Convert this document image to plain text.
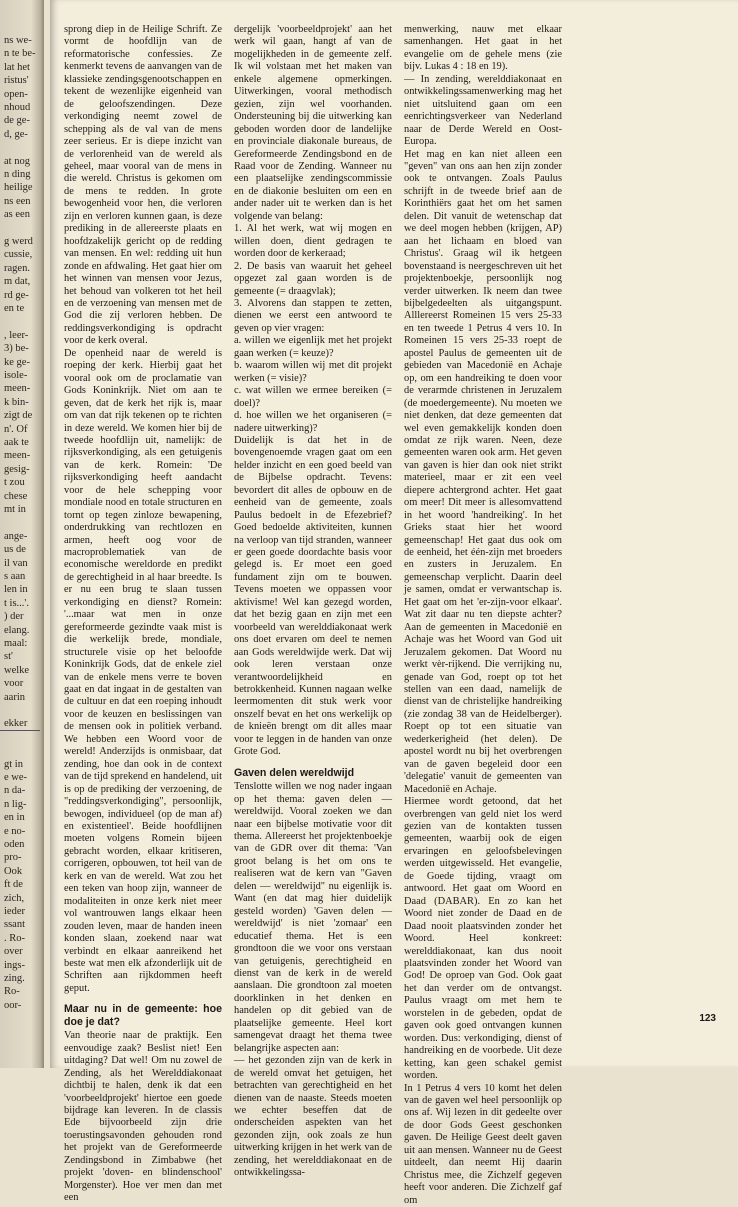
ns we-
n te be-
lat het
ristus'
open-
nhoud
de ge-
d, ge-
at nog
n ding
heilige
ns een
as een
g werd
cussie,
ragen.
m dat,
rd ge-
en te
, leer-
3) be-
ke ge-
isole-
meen-
k bin-
zigt de
n'. Of
aak te
meen-
gesig-
t zou
chese
mt in
ange-
us de
il van
s aan
len in
t is...'.
) der
elang.
maal:
st'
welke
voor
aarin
ekker
gt in
e we-
n da-
n lig-
en in
e no-
oden
pro-
Ook
ft de
zich,
ieder
ssant
. Ro-
over
ings-
zing.
Ro-
oor-

sprong diep in de Heilige Schrift. Ze vormt de hoofdlijn van de reformatorische confessies. Ze kenmerkt tevens de aanvangen van de klassieke zendingsgenootschappen en tekent de wezenlijke eigenheid van de geloofszendingen. Deze verkondiging neemt zowel de schepping als de val van de mens zeer serieus. Er is diepe inzicht van de verlorenheid van de wereld als geheel, maar vooral van de mens in die wereld. Christus is gekomen om de mens te redden. In grote bewogenheid voor hen, die verloren zijn en verloren kunnen gaan, is deze prediking in de allereerste plaats en hoofdzakelijk gericht op de redding van mensen. En wel: redding uit hun zonde en afdwaling. Het gaat hier om het winnen van mensen voor Jezus, het behoud van volkeren tot het heil en de verzoening van mensen met de God die zij verloren hebben. De reddingsverkondiging is opdracht voor de kerk overal.

De openheid naar de wereld is roeping der kerk. Hierbij gaat het vooral ook om de proclamatie van Gods Koninkrijk. Niet om aan te geven, dat de kerk het rijk is, maar om van dat rijk tekenen op te richten in deze wereld. We komen hier bij de tweede hoofdlijn uit, namelijk: de rijksverkondiging, als een getuigenis van de kerk. Romein: 'De rijksverkondiging heeft aandacht voor de hele schepping voor mondiale nood en totale structuren en tornt op tegen zinloze bewapening, onderdrukking van rechtlozen en armen, heeft oog voor de macroproblematiek van de economische wereldorde en predikt de gerechtigheid in al haar breedte. Is er nu een brug te slaan tussen verkondiging en dienst? Romein: '...maar wat men in onze gereformeerde gezindte vaak mist is die werkelijk brede, mondiale, structurele visie op het beloofde Koninkrijk Gods, dat de enkele ziel van de enkele mens verre te boven gaat en dat ingaat in de gestalten van de cultuur en dat een roeping inhoudt voor de keuzen en beslissingen van de mensen ook in politiek verband. We hebben een Woord voor de wereld! Anderzijds is onmisbaar, dat zending, hoe dan ook in de context van de tijd sprekend en handelend, uit is op de prediking der verzoening, de "reddingsverkondiging", persoonlijk, bewogen, individueel (op de man af) en existentieel'. Beide hoofdlijnen moeten volgens Romein bijeen gebracht worden, elkaar kritiseren, corrigeren, opbouwen, tot heil van de kerk en van de wereld. Wat zou het een teken van hoop zijn, wanneer de modaliteiten in onze kerk niet meer vol wantrouwen langs elkaar heen zouden leven, maar de handen ineen konden slaan, zoekend naar wat verbindt en elkaar aanreikend het beste wat men elk afzonderlijk uit de Schriften aan rijkdommen heeft geput.

Maar nu in de gemeente: hoe doe je dat?

Van theorie naar de praktijk. Een eenvoudige zaak? Beslist niet! Een uitdaging? Dat wel! Om nu zowel de Zending, als het Werelddiakonaat dichtbij te halen, denk ik dat een 'voorbeeldprojekt' hiertoe een goede bijdrage kan leveren. In de classis Ede bijvoorbeeld zijn drie toerustingsavonden gehouden rond het projekt van de Gereformeerde Zendingsbond in Zimbabwe (het projekt 'doven- en blindenschool' Morgenster). Hoe ver men dan met een

dergelijk 'voorbeeldprojekt' aan het werk wil gaan, hangt af van de mogelijkheden in de gemeente zelf. Ik wil volstaan met het maken van enkele algemene opmerkingen. Uitwerkingen, vooral methodisch gezien, zijn wel voorhanden. Ondersteuning bij die uitwerking kan geboden worden door de landelijke en provinciale diakonale bureaus, de Gereformeerde Zendingsbond en de Raad voor de Zending. Wanneer nu een plaatselijke zendingscommissie en de diakonie besluiten om een en ander nader uit te werken dan is het volgende van belang:

1. Al het werk, wat wij mogen en willen doen, dient gedragen te worden door de kerkeraad;

2. De basis van waaruit het geheel opgezet zal gaan worden is de gemeente (= draagvlak);

3. Alvorens dan stappen te zetten, dienen we eerst een antwoord te geven op vier vragen:

a. willen we eigenlijk met het projekt gaan werken (= keuze)?

b. waarom willen wij met dit projekt werken (= visie)?

c. wat willen we ermee bereiken (= doel)?

d. hoe willen we het organiseren (= nadere uitwerking)?

Duidelijk is dat het in de bovengenoemde vragen gaat om een helder inzicht en een goed beeld van de Bijbelse opdracht. Tevens: bevordert dit alles de opbouw en de eenheid van de gemeente, zoals Paulus bedoelt in de Efezebrief? Goed bedoelde aktiviteiten, kunnen na verloop van tijd stranden, wanneer er geen goede doordachte basis voor gelegd is. Er moet een goed fundament zijn om te bouwen. Tevens moeten we oppassen voor aktivisme! Wel kan gezegd worden, dat het bezig gaan en zijn met een voorbeeld van werelddiakonaat werk ons doet ervaren om deel te nemen aan Gods wereldwijde werk. Dat wij ook leren verstaan onze verantwoordelijkheid en betrokkenheid. Kunnen nagaan welke leermomenten dit stuk werk voor onszelf bevat en het ons werkelijk op de knieën brengt om dit alles maar voor te leggen in de handen van onze Grote God.

Gaven delen wereldwijd

Tenslotte willen we nog nader ingaan op het thema: gaven delen — wereldwijd. Vooral zoeken we dan naar een bijbelse motivatie voor dit thema. Allereerst het projektenboekje van de GDR over dit thema: 'Van groot belang is het om ons te realiseren wat de kern van "Gaven delen — wereldwijd" nu eigenlijk is. Want (en dat mag hier duidelijk gesteld worden) 'Gaven delen — wereldwijd' is niet 'zomaar' een educatief thema. Het is een grondtoon die we voor ons verstaan van getuigenis, gerechtigheid en dienst van de kerk in de wereld aanslaan. Die grondtoon zal moeten doorklinken in het denken en handelen op dit gebied van de plaatselijke gemeente. Heel kort samengevat draagt het thema twee belangrijke aspecten aan:

— het gezonden zijn van de kerk in de wereld omvat het getuigen, het betrachten van gerechtigheid en het dienen van de naaste. Steeds moeten we echter beseffen dat de onderscheiden aspekten van het gezonden zijn, ook zoals ze hun uitwerking krijgen in het werk van de zending, het werelddiakonaat en de ontwikkelingssa-

menwerking, nauw met elkaar samenhangen. Het gaat in het evangelie om de gehele mens (zie bijv. Lukas 4 : 18 en 19).

— In zending, werelddiakonaat en ontwikkelingssamenwerking mag het niet uitsluitend gaan om een eenrichtingsverkeer van Nederland naar de Derde Wereld en Oost-Europa.

Het mag en kan niet alleen een "geven" van ons aan hen zijn zonder ook te ontvangen. Zoals Paulus schrijft in de tweede brief aan de Korinthiërs gaat het om het samen delen. Dit vanuit de wetenschap dat we deel mogen hebben (krijgen, AP) aan het lichaam en bloed van Christus'. Graag wil ik hetgeen bovenstaand is neergeschreven uit het projektenboekje, persoonlijk nog verder uitwerken. Ik neem dan twee bijbelgedeelten als uitgangspunt. Alllereerst Romeinen 15 vers 25-33 en ten tweede 1 Petrus 4 vers 10. In Romeinen 15 vers 25-33 roept de apostel Paulus de gemeenten uit de gebieden van Macedonië en Achaje op, om een handreiking te doen voor de verarmde christenen in Jeruzalem (de moedergemeente). Nu moeten we niet denken, dat deze gemeenten dat wel even gemakkelijk konden doen omdat ze rijk waren. Neen, deze gemeenten waren ook arm. Het geven van gaven is hier dan ook niet strikt materieel, maar er zit een veel diepere achtergrond achter. Het gaat om meer! Dit meer is allesomvattend in het woord 'handreiking'. In het Grieks staat hier het woord gemeenschap! Het gaat dus ook om de eenheid, het één-zijn met broeders en zusters in Jeruzalem. En gemeenschap verplicht. Daarin deel je samen, omdat er verwantschap is. Het gaat om het 'er-zijn-voor elkaar'. Wat zit daar nu ten diepste achter? Aan de gemeenten in Macedonië en Achaje was het Woord van God uit Jeruzalem gekomen. Dat Woord nu werkt vèr-rijkend. Die verrijking nu, genade van God, roept op tot het stellen van een daad, namelijk de dienst van de christelijke handreiking (zie zondag 38 van de Heidelberger). Roept op tot een situatie van wederkerigheid (het delen). De apostel wordt nu bij het overbrengen van de gaven begeleid door een 'delegatie' vanuit de gemeenten van Macedonië en Achaje.

Hiermee wordt getoond, dat het overbrengen van geld niet los werd gezien van de kontakten tussen gemeenten, waarbij ook de eigen ervaringen en geloofsbelevingen werden uitgewisseld. Het evangelie, de Goede tijding, vraagt om antwoord. Het gaat om Woord en Daad (DABAR). En zo kan het Woord niet zonder de Daad en de Daad nooit plaatsvinden zonder het Woord. Heel konkreet: werelddiakonaat, kan dus nooit plaatsvinden zonder het Woord van God! De oproep van God. Ook gaat het dan verder om de ontvangst. Paulus vraagt om met hem te worstelen in de gebeden, opdat de gaven ook goed ontvangen kunnen worden. Dus: verkondiging, dienst of handreiking en de voorbede. Uit deze ketting, kan geen schakel gemist worden.

In 1 Petrus 4 vers 10 komt het delen van de gaven wel heel persoonlijk op ons af. Wij lezen in dit gedeelte over de door Gods Geest geschonken gaven. De Heilige Geest deelt gaven uit aan mensen. Wanneer nu de Geest uitdeelt, dan neemt Hij daarin Christus mee, die Zichzelf gegeven heeft voor anderen. Die Zichzelf gaf om

123
